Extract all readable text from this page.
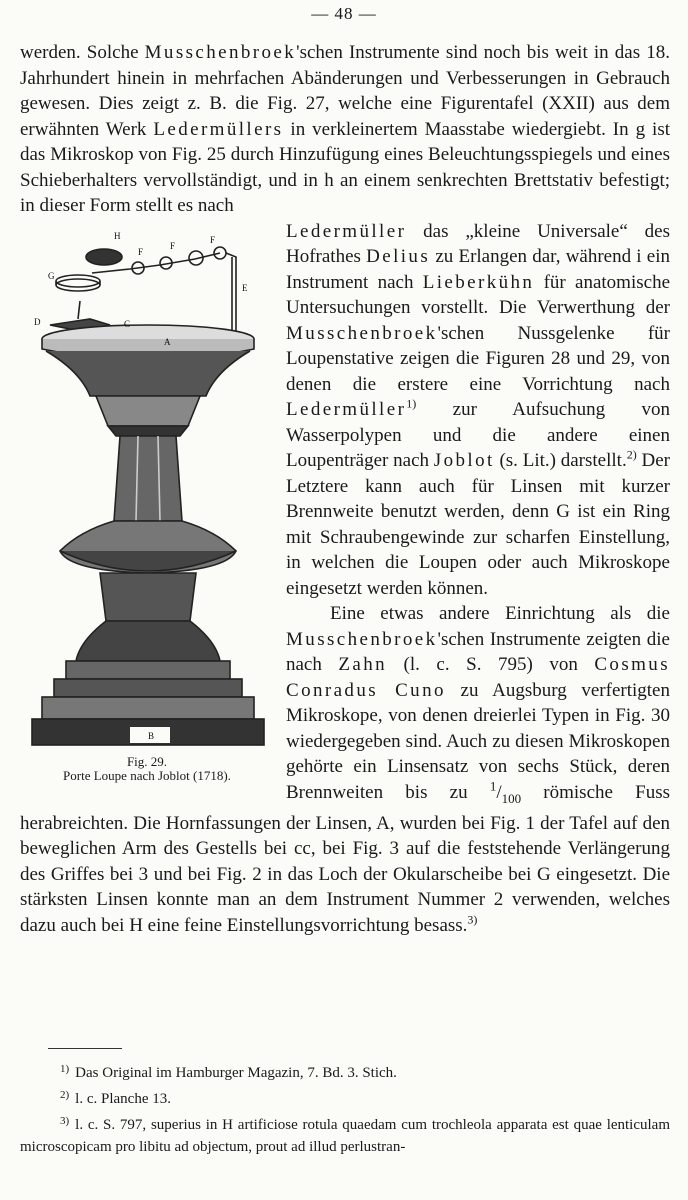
— 48 —

werden. Solche Musschenbroek'schen Instrumente sind noch bis weit in das 18. Jahrhundert hinein in mehrfachen Abänderungen und Verbesserungen in Gebrauch gewesen. Dies zeigt z. B. die Fig. 27, welche eine Figurentafel (XXII) aus dem erwähnten Werk Ledermüllers in verkleinertem Maasstabe wiedergiebt. In g ist das Mikroskop von Fig. 25 durch Hinzufügung eines Beleuchtungsspiegels und eines Schieberhalters vervollständigt, und in h an einem senkrechten Brettstativ befestigt; in dieser Form stellt es nach

H
G
F
F
F
E
D	C
A
B
Fig. 29.
Porte Loupe nach Joblot (1718).
Ledermüller das „kleine Universale“ des Hofrathes Delius zu Erlangen dar, während i ein Instrument nach Lieberkühn für anatomische Untersuchungen vorstellt. Die Verwerthung der Musschenbroek'schen Nussgelenke für Loupenstative zeigen die Figuren 28 und 29, von denen die erstere eine Vorrichtung nach Ledermüller$^{1)}$ zur Aufsuchung von Wasserpolypen und die andere einen Loupenträger nach Joblot (s. Lit.) darstellt.$^{2)}$ Der Letztere kann auch für Linsen mit kurzer Brennweite benutzt werden, denn G ist ein Ring mit Schraubengewinde zur scharfen Einstellung, in welchen die Loupen oder auch Mikroskope eingesetzt werden können.

Eine etwas andere Einrichtung als die Musschenbroek'schen Instrumente zeigten die nach Zahn (l. c. S. 795) von Cosmus Conradus Cuno zu Augsburg verfertigten Mikroskope, von denen dreierlei Typen in Fig. 30 wiedergegeben sind. Auch zu diesen Mikroskopen gehörte ein Linsensatz von sechs Stück, deren Brennweiten bis zu $^1/_{100}$ römische Fuss herabreichten. Die Hornfassungen der Linsen, A, wurden bei Fig. 1 der Tafel auf den beweglichen Arm des Gestells bei cc, bei Fig. 3 auf die feststehende Verlängerung des Griffes bei 3 und bei Fig. 2 in das Loch der Okularscheibe bei G eingesetzt. Die stärksten Linsen konnte man an dem Instrument Nummer 2 verwenden, welches dazu auch bei H eine feine Einstellungsvorrichtung besass.$^{3)}$

$^{1)}$ Das Original im Hamburger Magazin, 7. Bd. 3. Stich.

$^{2)}$ l. c. Planche 13.

$^{3)}$ l. c. S. 797, superius in H artificiose rotula quaedam cum trochleola apparata est quae lenticulam microscopicam pro libitu ad objectum, prout ad illud perlustran-
